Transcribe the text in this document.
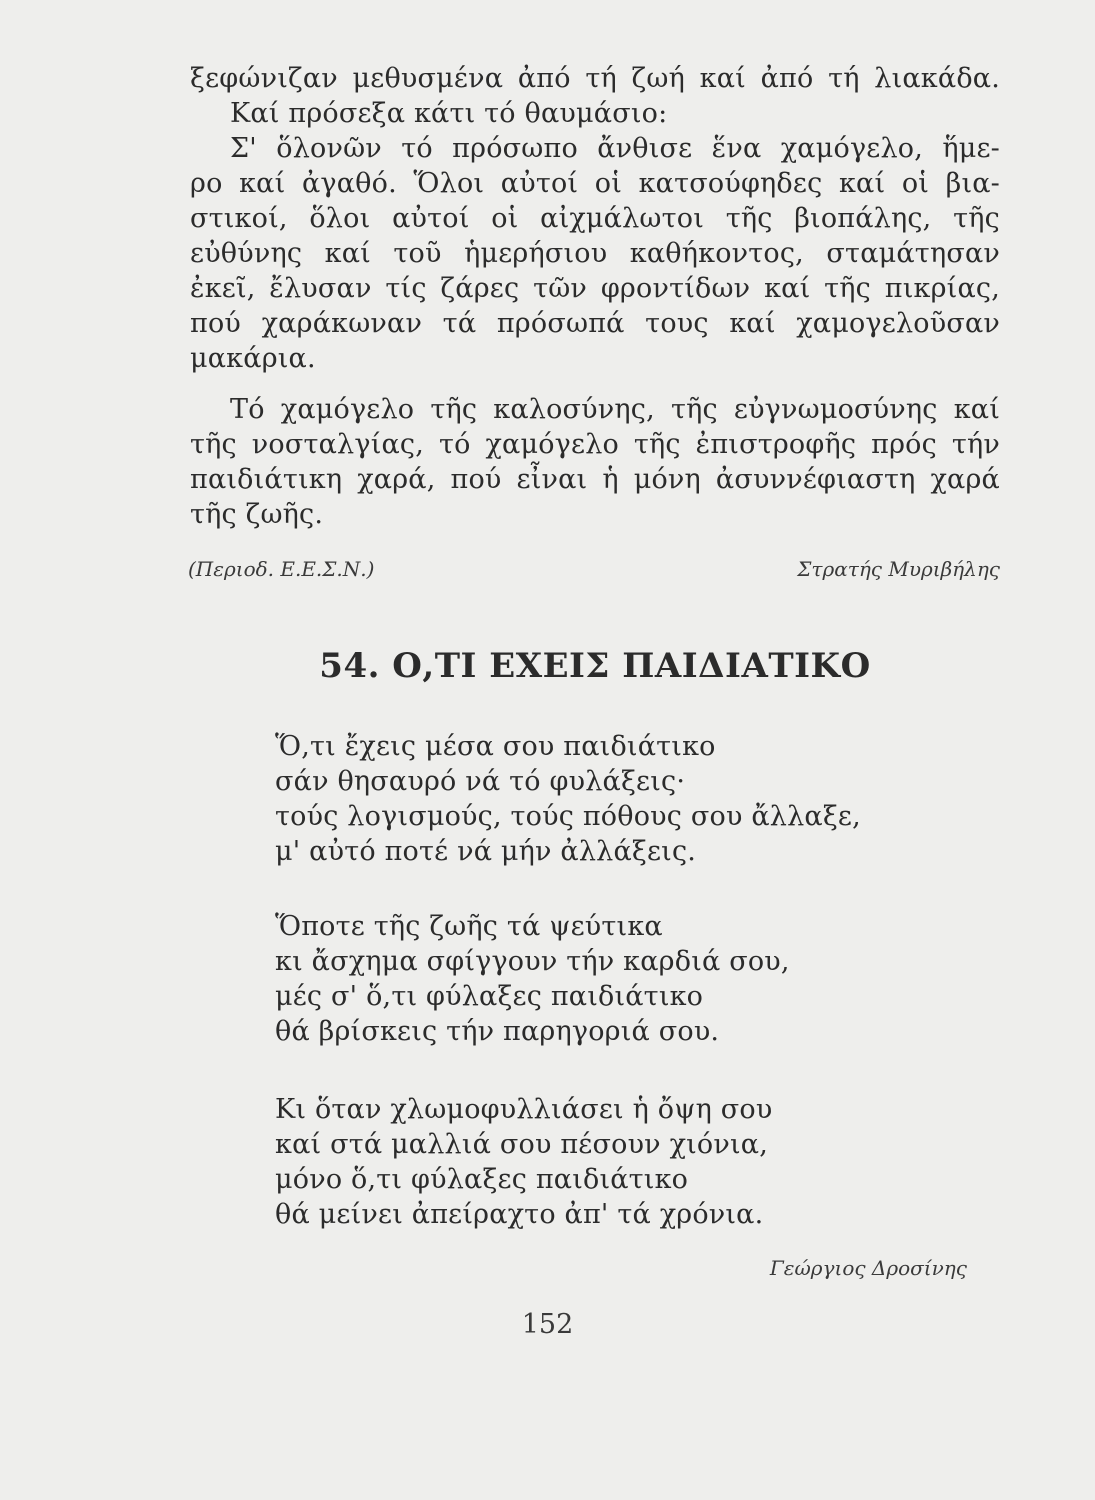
ξεφώνιζαν μεθυσμένα ἀπό τή ζωή καί ἀπό τή λιακάδα.
Καί πρόσεξα κάτι τό θαυμάσιο:
Σ' ὅλονῶν τό πρόσωπο ἄνθισε ἕνα χαμόγελο, ἥμε-
ρο καί ἀγαθό. Ὅλοι αὐτοί οἱ κατσούφηδες καί οἱ βια-
στικοί, ὅλοι αὐτοί οἱ αἰχμάλωτοι τῆς βιοπάλης, τῆς
εὐθύνης καί τοῦ ἡμερήσιου καθήκοντος, σταμάτησαν
ἐκεῖ, ἔλυσαν τίς ζάρες τῶν φροντίδων καί τῆς πικρίας,
πού χαράκωναν τά πρόσωπά τους καί χαμογελοῦσαν
μακάρια.
Τό χαμόγελο τῆς καλοσύνης, τῆς εὐγνωμοσύνης καί
τῆς νοσταλγίας, τό χαμόγελο τῆς ἐπιστροφῆς πρός τήν
παιδιάτικη χαρά, πού εἶναι ἡ μόνη ἀσυννέφιαστη χαρά
τῆς ζωῆς.
(Περιοδ. Ε.Ε.Σ.Ν.)	Στρατής Μυριβήλης
54. Ο,ΤΙ ΕΧΕΙΣ ΠΑΙΔΙΑΤΙΚΟ
Ὅ,τι ἔχεις μέσα σου παιδιάτικο
σάν θησαυρό νά τό φυλάξεις·
τούς λογισμούς, τούς πόθους σου ἄλλαξε,
μ' αὐτό ποτέ νά μήν ἀλλάξεις.
Ὅποτε τῆς ζωῆς τά ψεύτικα
κι ἄσχημα σφίγγουν τήν καρδιά σου,
μές σ' ὅ,τι φύλαξες παιδιάτικο
θά βρίσκεις τήν παρηγοριά σου.
Κι ὅταν χλωμοφυλλιάσει ἡ ὄψη σου
καί στά μαλλιά σου πέσουν χιόνια,
μόνο ὅ,τι φύλαξες παιδιάτικο
θά μείνει ἀπείραχτο ἀπ' τά χρόνια.
Γεώργιος Δροσίνης
152
